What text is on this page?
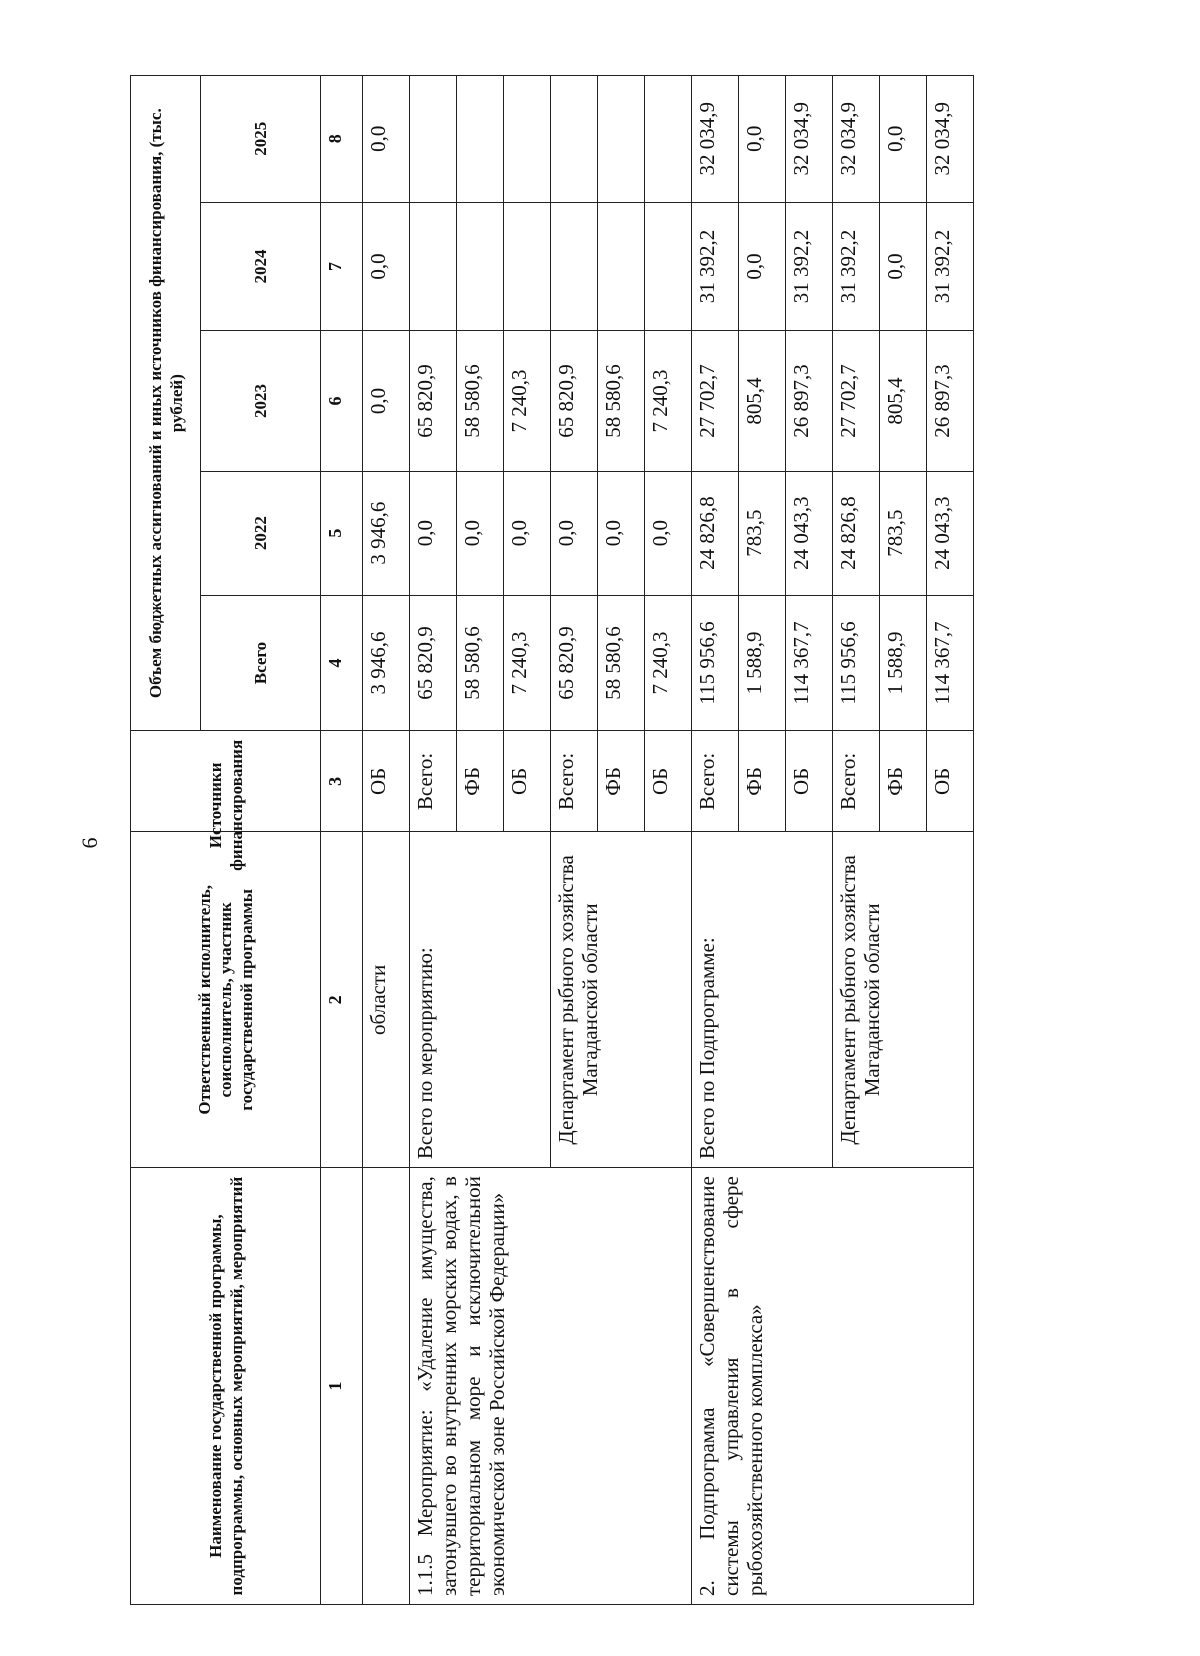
6
Наименование государственной программы, подпрограммы, основных мероприятий, мероприятий	Ответственный исполнитель, соисполнитель, участник государственной программы	Источники финансирования	Объем бюджетных ассигнований и иных источников финансирования, (тыс. рублей)				
			Всего	2022	2023	2024	2025
1	2	3	4	5	6	7	8
	области	ОБ	3 946,6	3 946,6	0,0	0,0	0,0
1.1.5 Мероприятие: «Удаление имущества, затонувшего во внутренних морских водах, в территориальном море и исключительной экономической зоне Российской Федерации»	Всего по мероприятию:	Всего:	65 820,9	0,0	65 820,9		
		ФБ	58 580,6	0,0	58 580,6		
		ОБ	7 240,3	0,0	7 240,3		
	Департамент рыбного хозяйства Магаданской области	Всего:	65 820,9	0,0	65 820,9		
		ФБ	58 580,6	0,0	58 580,6		
		ОБ	7 240,3	0,0	7 240,3		
2. Подпрограмма «Совершенствование системы управления в сфере рыбохозяйственного комплекса»	Всего по Подпрограмме:	Всего:	115 956,6	24 826,8	27 702,7	31 392,2	32 034,9
		ФБ	1 588,9	783,5	805,4	0,0	0,0
		ОБ	114 367,7	24 043,3	26 897,3	31 392,2	32 034,9
	Департамент рыбного хозяйства Магаданской области	Всего:	115 956,6	24 826,8	27 702,7	31 392,2	32 034,9
		ФБ	1 588,9	783,5	805,4	0,0	0,0
		ОБ	114 367,7	24 043,3	26 897,3	31 392,2	32 034,9
